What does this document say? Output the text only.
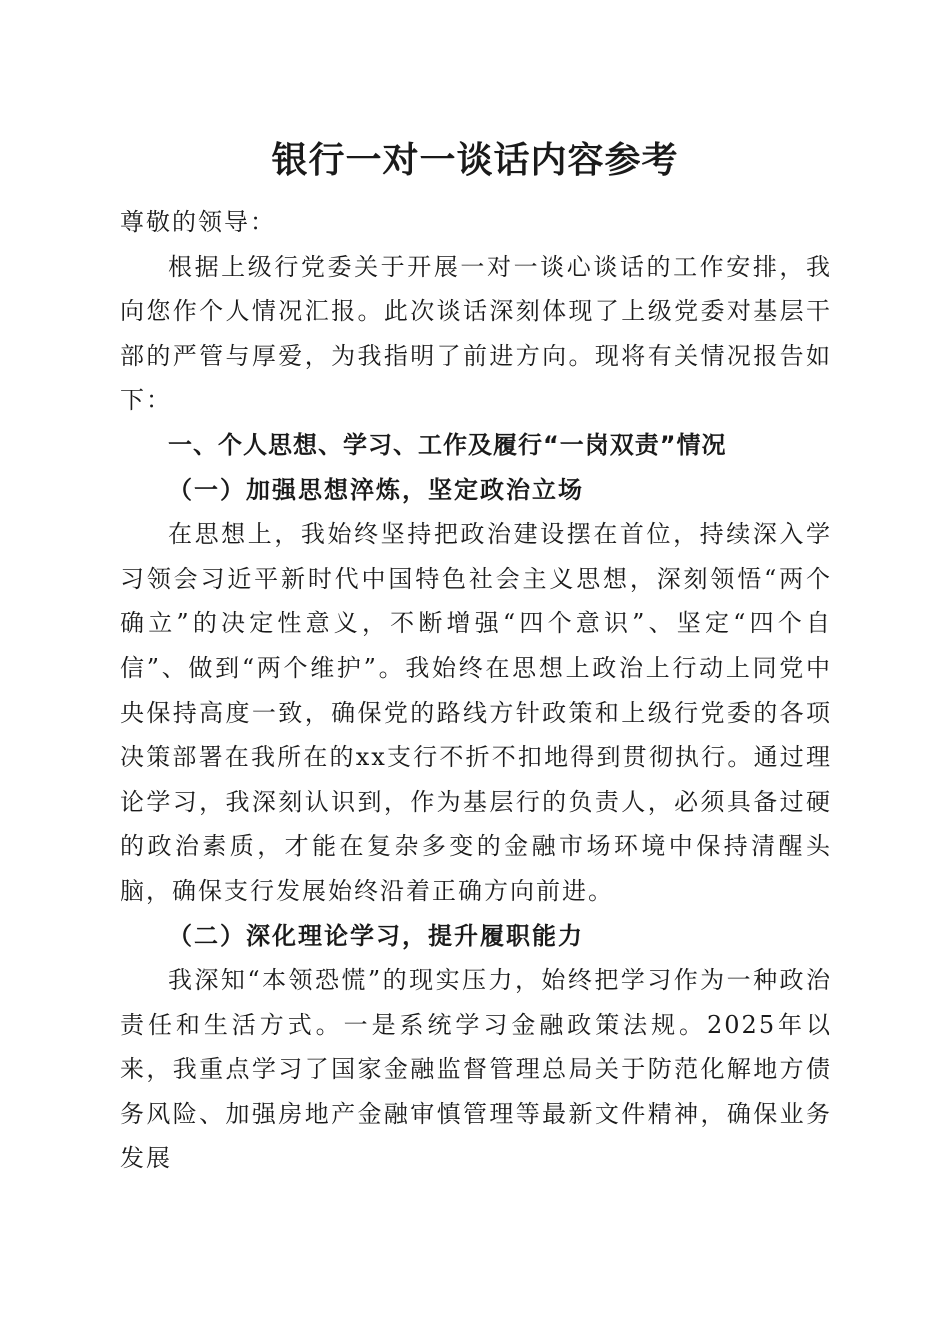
银行一对一谈话内容参考

尊敬的领导：

根据上级行党委关于开展一对一谈心谈话的工作安排，我向您作个人情况汇报。此次谈话深刻体现了上级党委对基层干部的严管与厚爱，为我指明了前进方向。现将有关情况报告如下：

一、个人思想、学习、工作及履行“一岗双责”情况

（一）加强思想淬炼，坚定政治立场

在思想上，我始终坚持把政治建设摆在首位，持续深入学习领会习近平新时代中国特色社会主义思想，深刻领悟“两个确立”的决定性意义，不断增强“四个意识”、坚定“四个自信”、做到“两个维护”。我始终在思想上政治上行动上同党中央保持高度一致，确保党的路线方针政策和上级行党委的各项决策部署在我所在的xx支行不折不扣地得到贯彻执行。通过理论学习，我深刻认识到，作为基层行的负责人，必须具备过硬的政治素质，才能在复杂多变的金融市场环境中保持清醒头脑，确保支行发展始终沿着正确方向前进。

（二）深化理论学习，提升履职能力

我深知“本领恐慌”的现实压力，始终把学习作为一种政治责任和生活方式。一是系统学习金融政策法规。2025年以来，我重点学习了国家金融监督管理总局关于防范化解地方债务风险、加强房地产金融审慎管理等最新文件精神，确保业务发展
